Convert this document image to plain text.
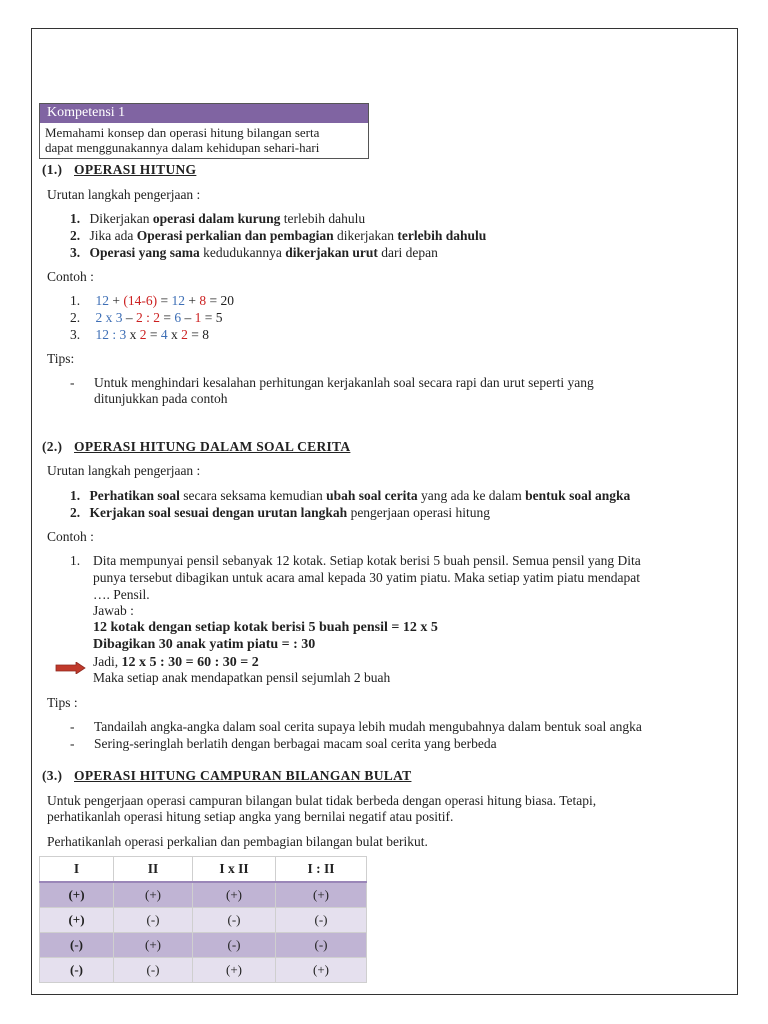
Kompetensi 1
Memahami konsep dan operasi hitung bilangan serta
dapat menggunakannya dalam kehidupan sehari-hari
(1.) OPERASI HITUNG
Urutan langkah pengerjaan :
1. Dikerjakan operasi dalam kurung terlebih dahulu
2. Jika ada Operasi perkalian dan pembagian dikerjakan terlebih dahulu
3. Operasi yang sama kedudukannya dikerjakan urut dari depan
Contoh :
1. 12 + (14-6) = 12 + 8 = 20
2. 2 x 3 – 2 : 2 = 6 – 1 = 5
3. 12 : 3 x 2 = 4 x 2 = 8
Tips:
- Untuk menghindari kesalahan perhitungan kerjakanlah soal secara rapi dan urut seperti yang
ditunjukkan pada contoh
(2.) OPERASI HITUNG DALAM SOAL CERITA
Urutan langkah pengerjaan :
1. Perhatikan soal secara seksama kemudian ubah soal cerita yang ada ke dalam bentuk soal angka
2. Kerjakan soal sesuai dengan urutan langkah pengerjaan operasi hitung
Contoh :
1. Dita mempunyai pensil sebanyak 12 kotak. Setiap kotak berisi 5 buah pensil. Semua pensil yang Dita
punya tersebut dibagikan untuk acara amal kepada 30 yatim piatu. Maka setiap yatim piatu mendapat
…. Pensil.
Jawab :
12 kotak dengan setiap kotak berisi 5 buah pensil = 12 x 5
Dibagikan 30 anak yatim piatu = : 30
Jadi, 12 x 5 : 30 = 60 : 30 = 2
Maka setiap anak mendapatkan pensil sejumlah 2 buah
Tips :
- Tandailah angka-angka dalam soal cerita supaya lebih mudah mengubahnya dalam bentuk soal angka
- Sering-seringlah berlatih dengan berbagai macam soal cerita yang berbeda
(3.) OPERASI HITUNG CAMPURAN BILANGAN BULAT
Untuk pengerjaan operasi campuran bilangan bulat tidak berbeda dengan operasi hitung biasa. Tetapi,
perhatikanlah operasi hitung setiap angka yang bernilai negatif atau positif.
Perhatikanlah operasi perkalian dan pembagian bilangan bulat berikut.
I	II	I x II	I : II
(+)	(+)	(+)	(+)
(+)	(-)	(-)	(-)
(-)	(+)	(-)	(-)
(-)	(-)	(+)	(+)
